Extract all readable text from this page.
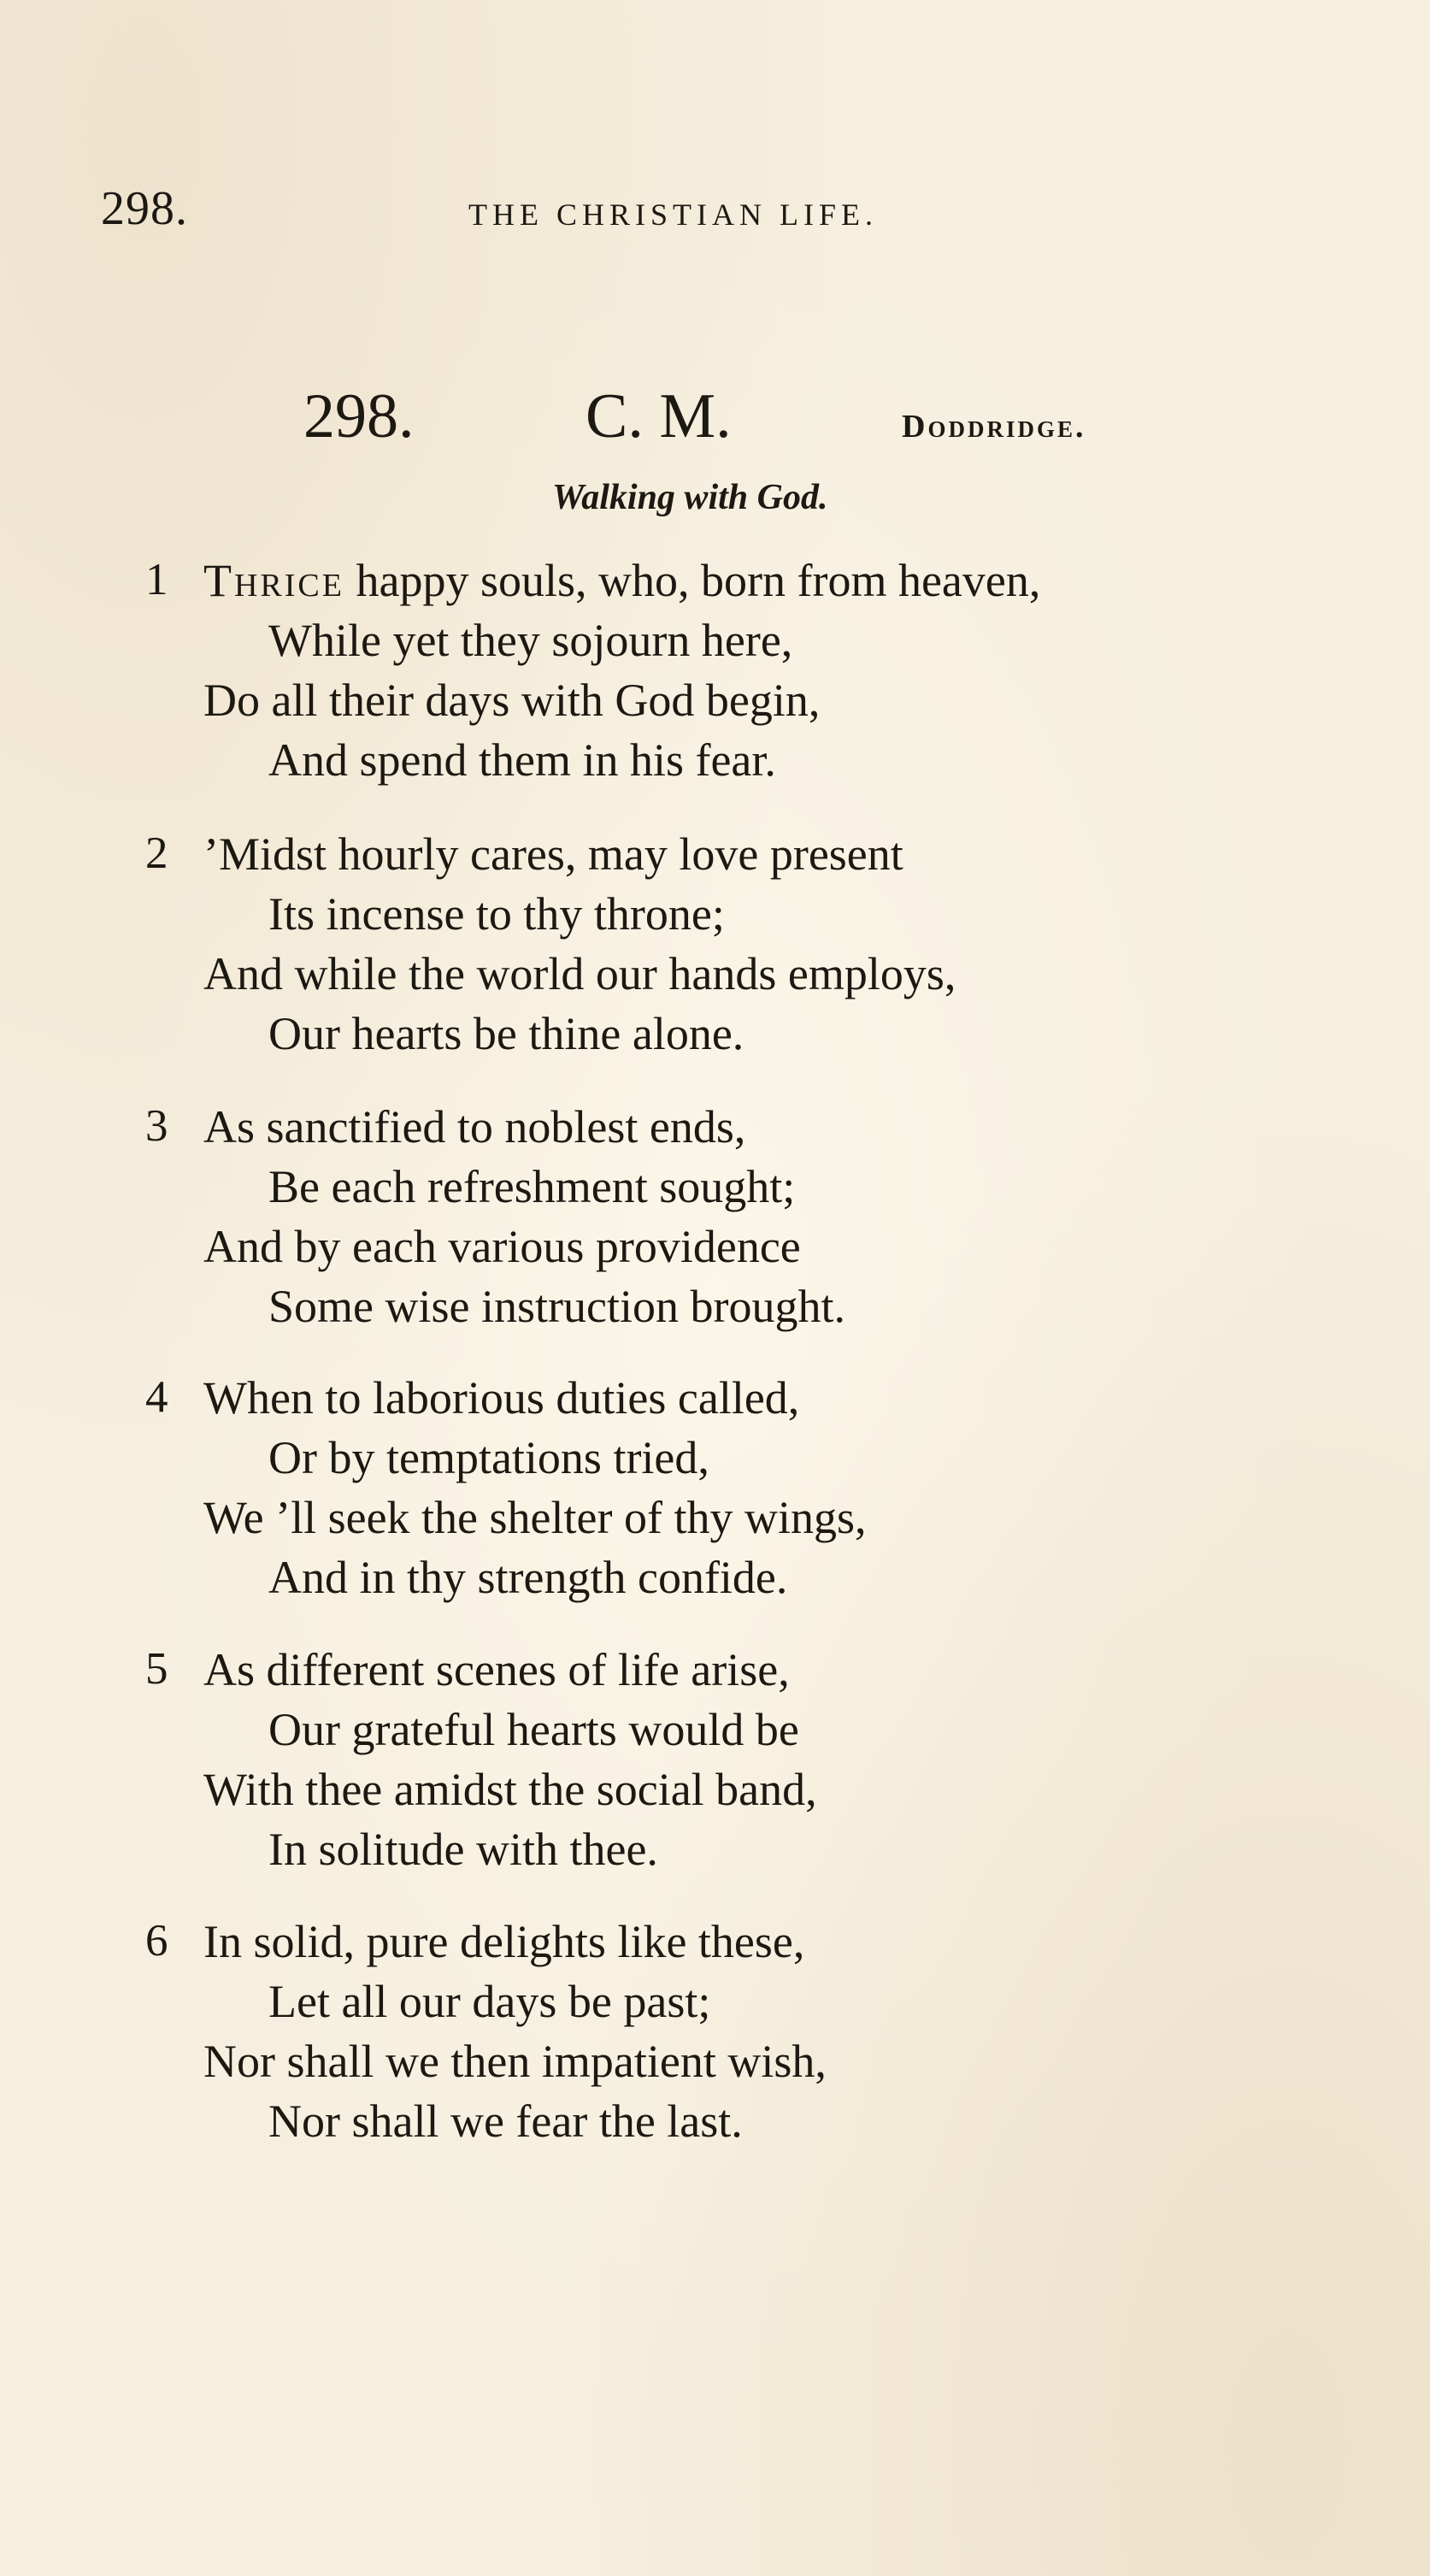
298.	THE CHRISTIAN LIFE.
298.	C. M.	Doddridge.
Walking with God.
1 Thrice happy souls, who, born from heaven,
While yet they sojourn here,
Do all their days with God begin,
And spend them in his fear.
2 ’Midst hourly cares, may love present
Its incense to thy throne;
And while the world our hands employs,
Our hearts be thine alone.
3 As sanctified to noblest ends,
Be each refreshment sought;
And by each various providence
Some wise instruction brought.
4 When to laborious duties called,
Or by temptations tried,
We ’ll seek the shelter of thy wings,
And in thy strength confide.
5 As different scenes of life arise,
Our grateful hearts would be
With thee amidst the social band,
In solitude with thee.
6 In solid, pure delights like these,
Let all our days be past;
Nor shall we then impatient wish,
Nor shall we fear the last.
